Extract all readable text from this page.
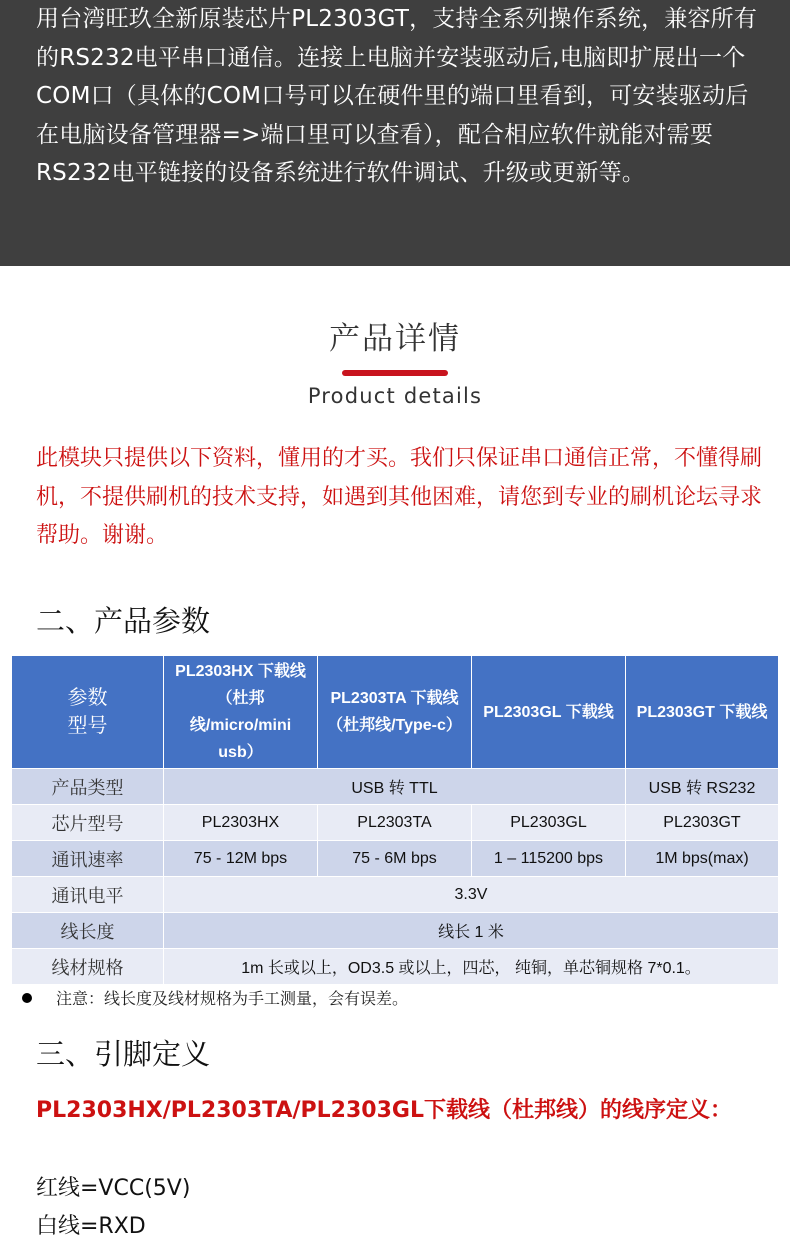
用台湾旺玖全新原装芯片PL2303GT，支持全系列操作系统，兼容所有的RS232电平串口通信。连接上电脑并安装驱动后,电脑即扩展出一个COM口（具体的COM口号可以在硬件里的端口里看到，可安装驱动后在电脑设备管理器=>端口里可以查看），配合相应软件就能对需要RS232电平链接的设备系统进行软件调试、升级或更新等。

产品详情
Product details
此模块只提供以下资料，懂用的才买。我们只保证串口通信正常，不懂得刷机，不提供刷机的技术支持，如遇到其他困难，请您到专业的刷机论坛寻求帮助。谢谢。
二、产品参数
参数
型号	PL2303HX 下载线（杜邦线/micro/mini usb）	PL2303TA 下载线（杜邦线/Type-c）	PL2303GL 下载线	PL2303GT 下载线
产品类型	USB 转 TTL			USB 转 RS232
芯片型号	PL2303HX	PL2303TA	PL2303GL	PL2303GT
通讯速率	75 - 12M bps	75 - 6M bps	1 – 115200 bps	1M bps(max)
通讯电平	3.3V			
线长度	线长 1 米			
线材规格	1m 长或以上，OD3.5 或以上，四芯， 纯铜，单芯铜规格 7*0.1。			
注意：线长度及线材规格为手工测量，会有误差。
三、引脚定义
PL2303HX/PL2303TA/PL2303GL下载线（杜邦线）的线序定义：
红线=VCC(5V)
白线=RXD
